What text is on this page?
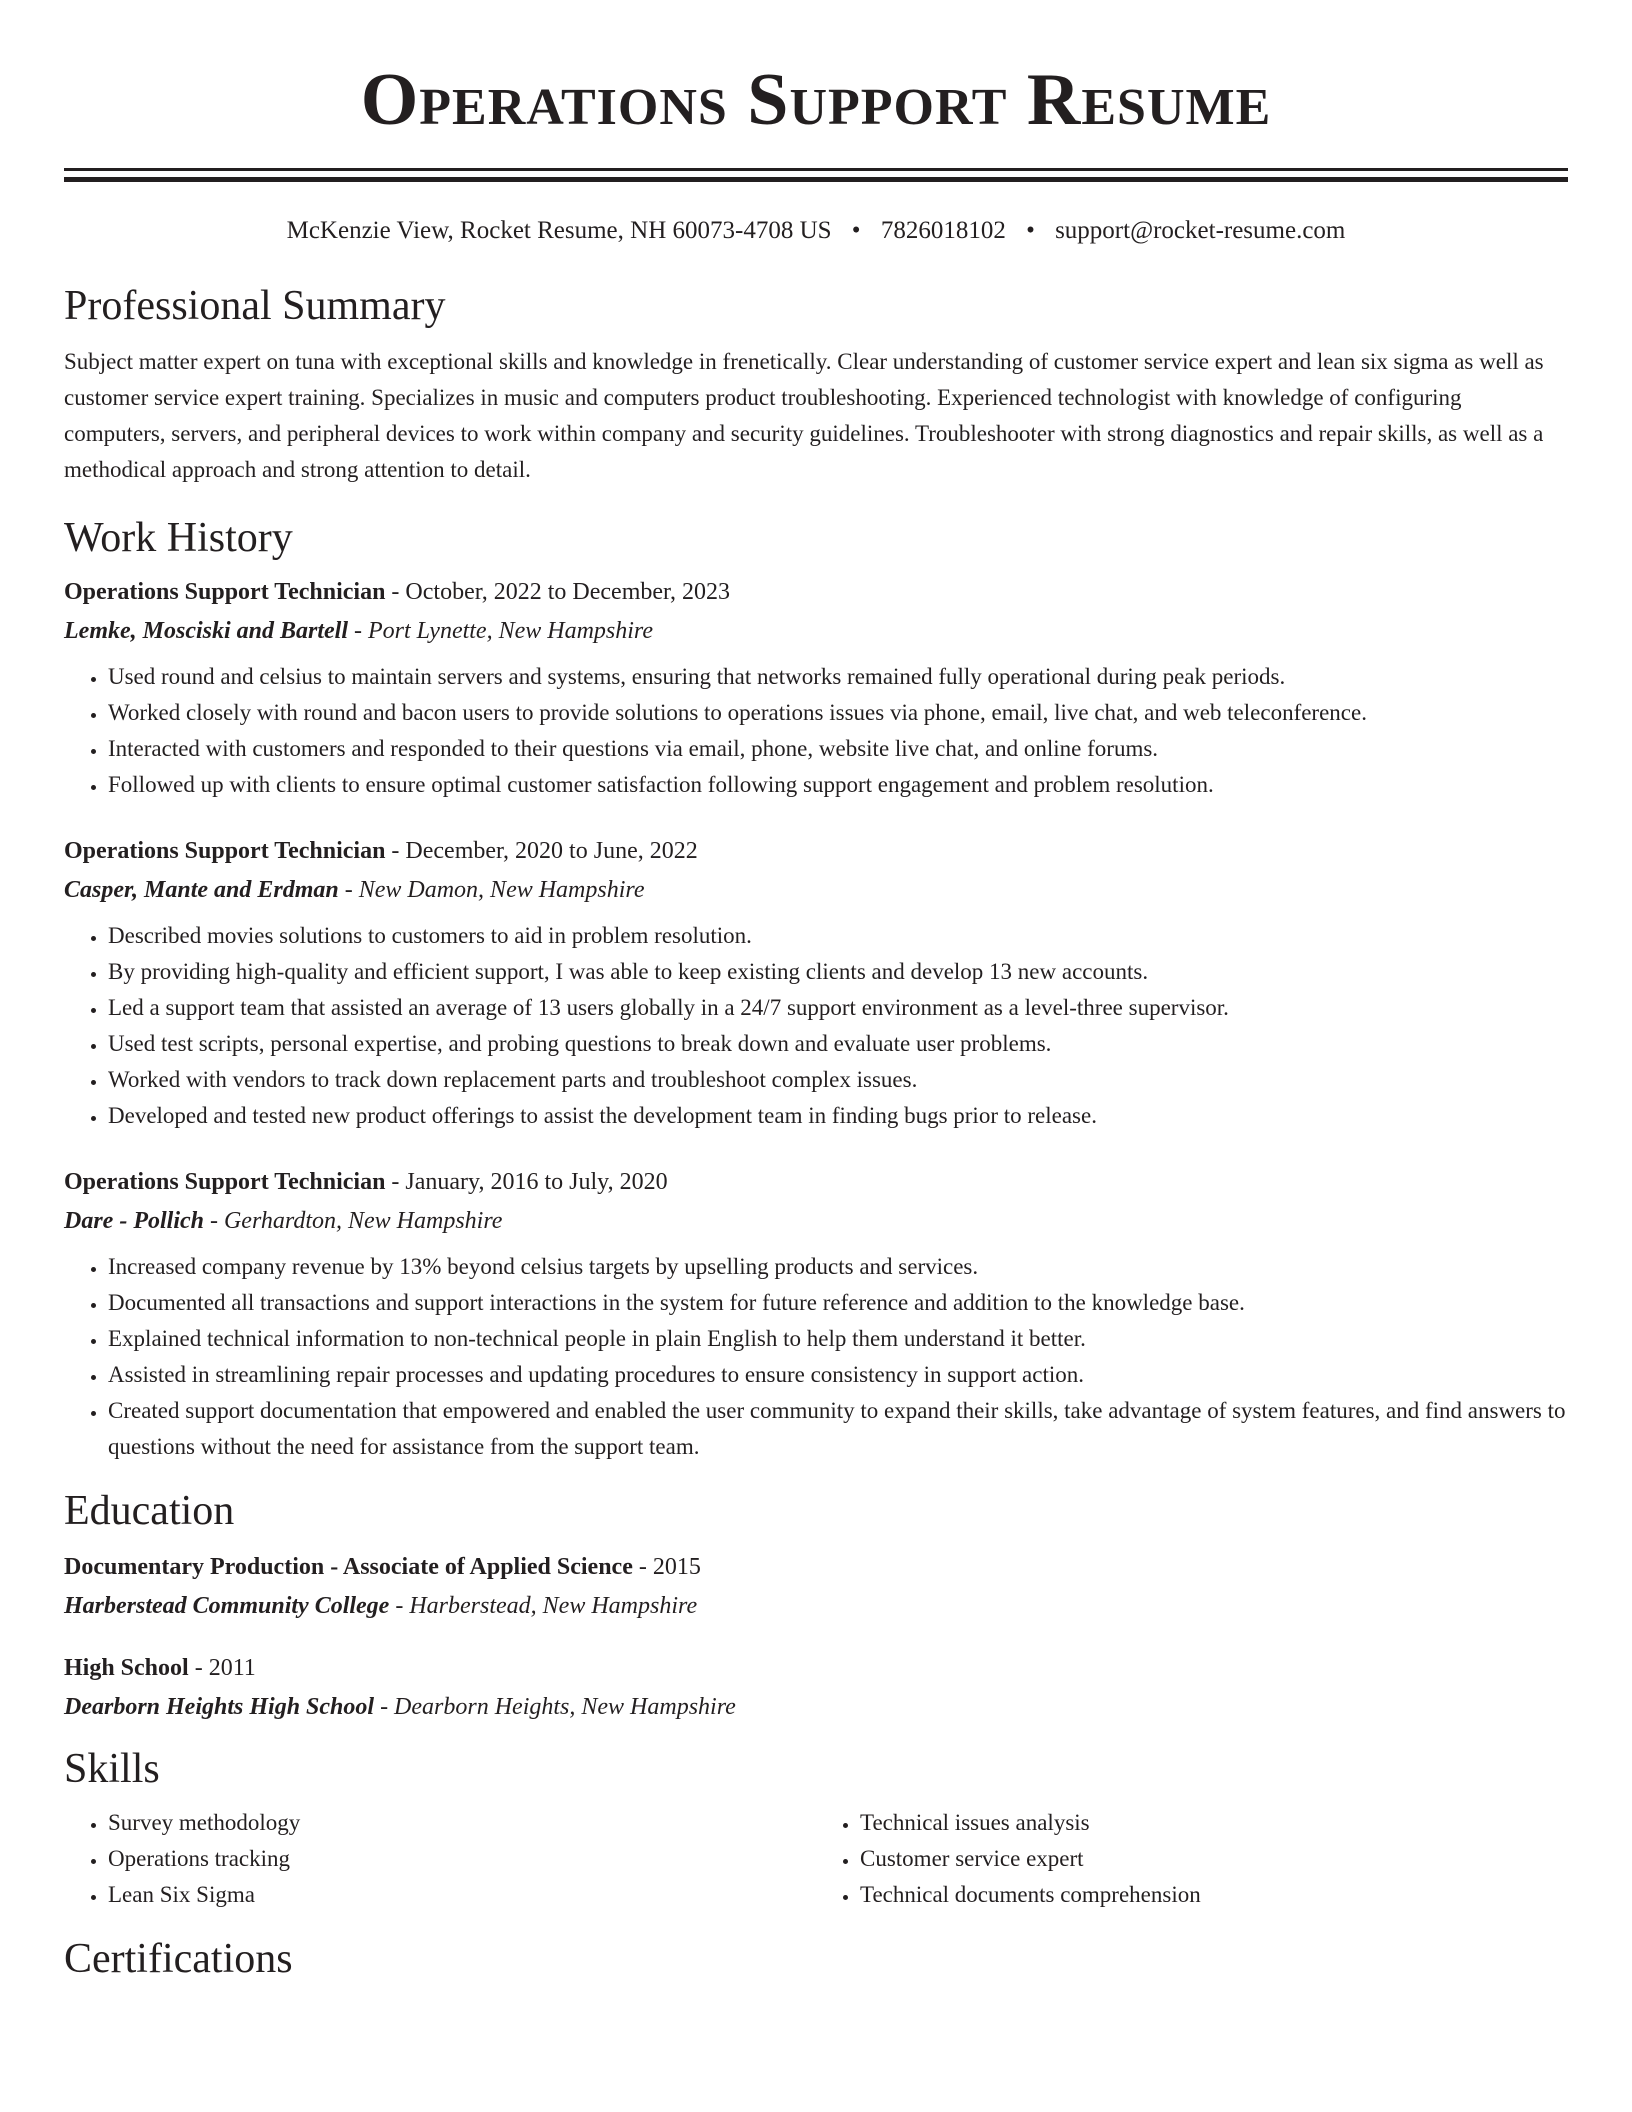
Operations Support Resume
McKenzie View, Rocket Resume, NH 60073-4708 US • 7826018102 • support@rocket-resume.com
Professional Summary

Subject matter expert on tuna with exceptional skills and knowledge in frenetically. Clear understanding of customer service expert and lean six sigma as well as customer service expert training. Specializes in music and computers product troubleshooting. Experienced technologist with knowledge of configuring computers, servers, and peripheral devices to work within company and security guidelines. Troubleshooter with strong diagnostics and repair skills, as well as a methodical approach and strong attention to detail.

Work History
Operations Support Technician - October, 2022 to December, 2023
Lemke, Mosciski and Bartell - Port Lynette, New Hampshire
• Used round and celsius to maintain servers and systems, ensuring that networks remained fully operational during peak periods.
• Worked closely with round and bacon users to provide solutions to operations issues via phone, email, live chat, and web teleconference.
• Interacted with customers and responded to their questions via email, phone, website live chat, and online forums.
• Followed up with clients to ensure optimal customer satisfaction following support engagement and problem resolution.
Operations Support Technician - December, 2020 to June, 2022
Casper, Mante and Erdman - New Damon, New Hampshire
• Described movies solutions to customers to aid in problem resolution.
• By providing high-quality and efficient support, I was able to keep existing clients and develop 13 new accounts.
• Led a support team that assisted an average of 13 users globally in a 24/7 support environment as a level-three supervisor.
• Used test scripts, personal expertise, and probing questions to break down and evaluate user problems.
• Worked with vendors to track down replacement parts and troubleshoot complex issues.
• Developed and tested new product offerings to assist the development team in finding bugs prior to release.
Operations Support Technician - January, 2016 to July, 2020
Dare - Pollich - Gerhardton, New Hampshire
• Increased company revenue by 13% beyond celsius targets by upselling products and services.
• Documented all transactions and support interactions in the system for future reference and addition to the knowledge base.
• Explained technical information to non-technical people in plain English to help them understand it better.
• Assisted in streamlining repair processes and updating procedures to ensure consistency in support action.
• Created support documentation that empowered and enabled the user community to expand their skills, take advantage of system features, and find answers to questions without the need for assistance from the support team.
Education
Documentary Production - Associate of Applied Science - 2015
Harberstead Community College - Harberstead, New Hampshire
High School - 2011
Dearborn Heights High School - Dearborn Heights, New Hampshire
Skills
• Survey methodology
• Operations tracking
• Lean Six Sigma
• Technical issues analysis
• Customer service expert
• Technical documents comprehension
Certifications
